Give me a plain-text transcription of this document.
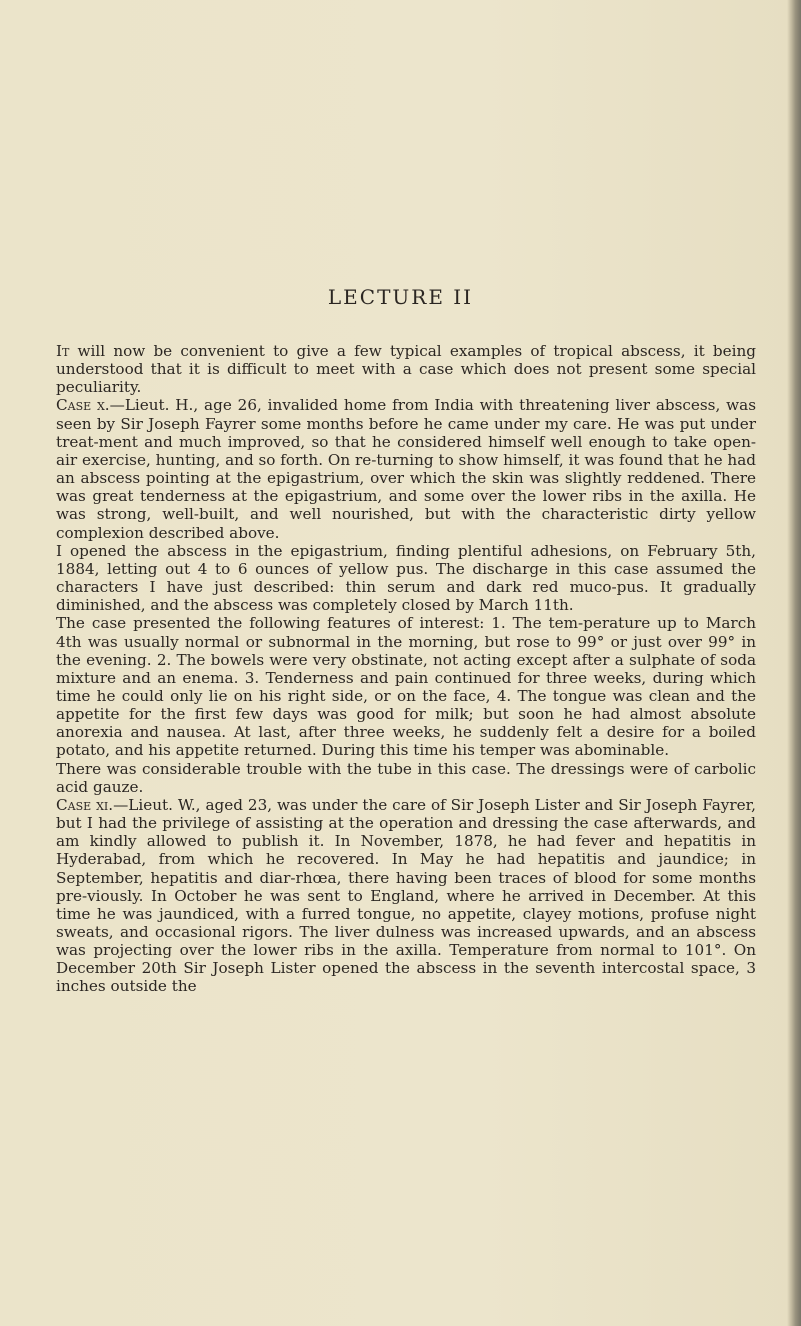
LECTURE II

It will now be convenient to give a few typical examples of tropical abscess, it being understood that it is difficult to meet with a case which does not present some special peculiarity.

Case x.—Lieut. H., age 26, invalided home from India with threatening liver abscess, was seen by Sir Joseph Fayrer some months before he came under my care. He was put under treat-ment and much improved, so that he considered himself well enough to take open-air exercise, hunting, and so forth. On re-turning to show himself, it was found that he had an abscess pointing at the epigastrium, over which the skin was slightly reddened. There was great tenderness at the epigastrium, and some over the lower ribs in the axilla. He was strong, well-built, and well nourished, but with the characteristic dirty yellow complexion described above.

I opened the abscess in the epigastrium, finding plentiful adhesions, on February 5th, 1884, letting out 4 to 6 ounces of yellow pus. The discharge in this case assumed the characters I have just described: thin serum and dark red muco-pus. It gradually diminished, and the abscess was completely closed by March 11th.

The case presented the following features of interest: 1. The tem-perature up to March 4th was usually normal or subnormal in the morning, but rose to 99° or just over 99° in the evening. 2. The bowels were very obstinate, not acting except after a sulphate of soda mixture and an enema. 3. Tenderness and pain continued for three weeks, during which time he could only lie on his right side, or on the face, 4. The tongue was clean and the appetite for the first few days was good for milk; but soon he had almost absolute anorexia and nausea. At last, after three weeks, he suddenly felt a desire for a boiled potato, and his appetite returned. During this time his temper was abominable.

There was considerable trouble with the tube in this case. The dressings were of carbolic acid gauze.

Case xi.—Lieut. W., aged 23, was under the care of Sir Joseph Lister and Sir Joseph Fayrer, but I had the privilege of assisting at the operation and dressing the case afterwards, and am kindly allowed to publish it. In November, 1878, he had fever and hepatitis in Hyderabad, from which he recovered. In May he had hepatitis and jaundice; in September, hepatitis and diar-rhœa, there having been traces of blood for some months pre-viously. In October he was sent to England, where he arrived in December. At this time he was jaundiced, with a furred tongue, no appetite, clayey motions, profuse night sweats, and occasional rigors. The liver dulness was increased upwards, and an abscess was projecting over the lower ribs in the axilla. Temperature from normal to 101°. On December 20th Sir Joseph Lister opened the abscess in the seventh intercostal space, 3 inches outside the
